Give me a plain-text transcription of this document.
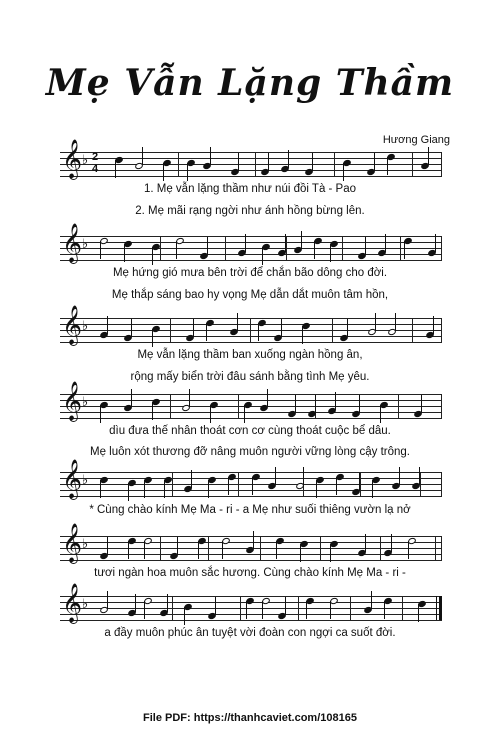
Mẹ Vẫn Lặng Thầm
Hương Giang
𝄞 ♭ 2
4
𝄞 ♭
𝄞 ♭
𝄞 ♭
𝄞 ♭
𝄞 ♭
𝄞 ♭
1. Mẹ vẫn lặng thầm như núi đồi Tà - Pao
2. Mẹ mãi rạng ngời như ánh hồng bừng lên.
Mẹ hứng gió mưa bên trời để chắn bão dông cho đời.
Mẹ thắp sáng bao hy vọng Mẹ dẫn dắt muôn tâm hồn,
Mẹ vẫn lặng thầm ban xuống ngàn hồng ân,
rộng mấy biển trời đâu sánh bằng tình Mẹ yêu.
dìu đưa thế nhân thoát cơn cơ cùng thoát cuộc bể dâu.
Mẹ luôn xót thương đỡ nâng muôn người vững lòng cậy trông.
* Cùng chào kính Mẹ Ma - ri - a Mẹ như suối thiêng vườn lạ nở
tươi ngàn hoa muôn sắc hương. Cùng chào kính Mẹ Ma - ri -
a đầy muôn phúc ân tuyệt vời đoàn con ngợi ca suốt đời.
File PDF: https://thanhcaviet.com/108165
